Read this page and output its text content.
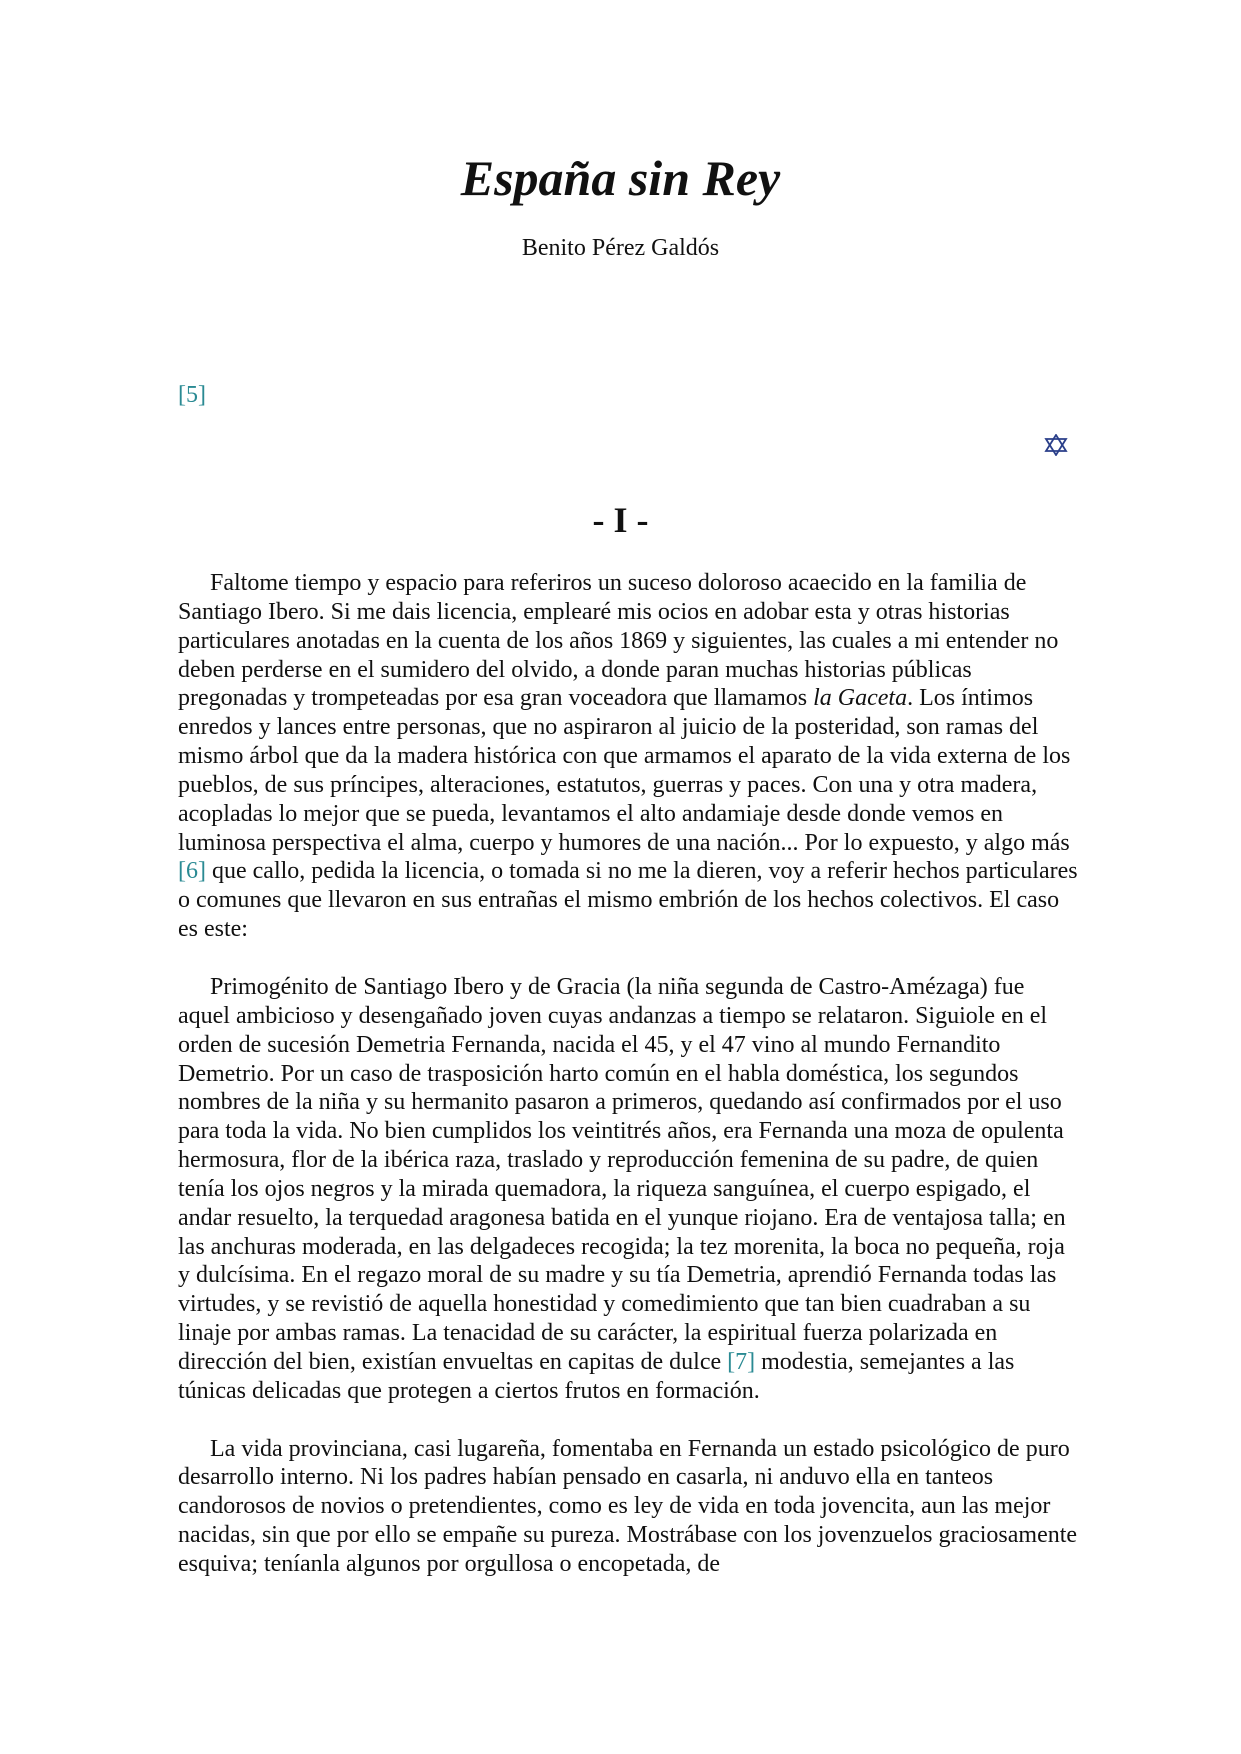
España sin Rey
Benito Pérez Galdós
[5]
- I -

Faltome tiempo y espacio para referiros un suceso doloroso acaecido en la familia de Santiago Ibero. Si me dais licencia, emplearé mis ocios en adobar esta y otras historias particulares anotadas en la cuenta de los años 1869 y siguientes, las cuales a mi entender no deben perderse en el sumidero del olvido, a donde paran muchas historias públicas pregonadas y trompeteadas por esa gran voceadora que llamamos la Gaceta. Los íntimos enredos y lances entre personas, que no aspiraron al juicio de la posteridad, son ramas del mismo árbol que da la madera histórica con que armamos el aparato de la vida externa de los pueblos, de sus príncipes, alteraciones, estatutos, guerras y paces. Con una y otra madera, acopladas lo mejor que se pueda, levantamos el alto andamiaje desde donde vemos en luminosa perspectiva el alma, cuerpo y humores de una nación... Por lo expuesto, y algo más [6] que callo, pedida la licencia, o tomada si no me la dieren, voy a referir hechos particulares o comunes que llevaron en sus entrañas el mismo embrión de los hechos colectivos. El caso es este:

Primogénito de Santiago Ibero y de Gracia (la niña segunda de Castro-Amézaga) fue aquel ambicioso y desengañado joven cuyas andanzas a tiempo se relataron. Siguiole en el orden de sucesión Demetria Fernanda, nacida el 45, y el 47 vino al mundo Fernandito Demetrio. Por un caso de trasposición harto común en el habla doméstica, los segundos nombres de la niña y su hermanito pasaron a primeros, quedando así confirmados por el uso para toda la vida. No bien cumplidos los veintitrés años, era Fernanda una moza de opulenta hermosura, flor de la ibérica raza, traslado y reproducción femenina de su padre, de quien tenía los ojos negros y la mirada quemadora, la riqueza sanguínea, el cuerpo espigado, el andar resuelto, la terquedad aragonesa batida en el yunque riojano. Era de ventajosa talla; en las anchuras moderada, en las delgadeces recogida; la tez morenita, la boca no pequeña, roja y dulcísima. En el regazo moral de su madre y su tía Demetria, aprendió Fernanda todas las virtudes, y se revistió de aquella honestidad y comedimiento que tan bien cuadraban a su linaje por ambas ramas. La tenacidad de su carácter, la espiritual fuerza polarizada en dirección del bien, existían envueltas en capitas de dulce [7] modestia, semejantes a las túnicas delicadas que protegen a ciertos frutos en formación.

La vida provinciana, casi lugareña, fomentaba en Fernanda un estado psicológico de puro desarrollo interno. Ni los padres habían pensado en casarla, ni anduvo ella en tanteos candorosos de novios o pretendientes, como es ley de vida en toda jovencita, aun las mejor nacidas, sin que por ello se empañe su pureza. Mostrábase con los jovenzuelos graciosamente esquiva; teníanla algunos por orgullosa o encopetada, de
